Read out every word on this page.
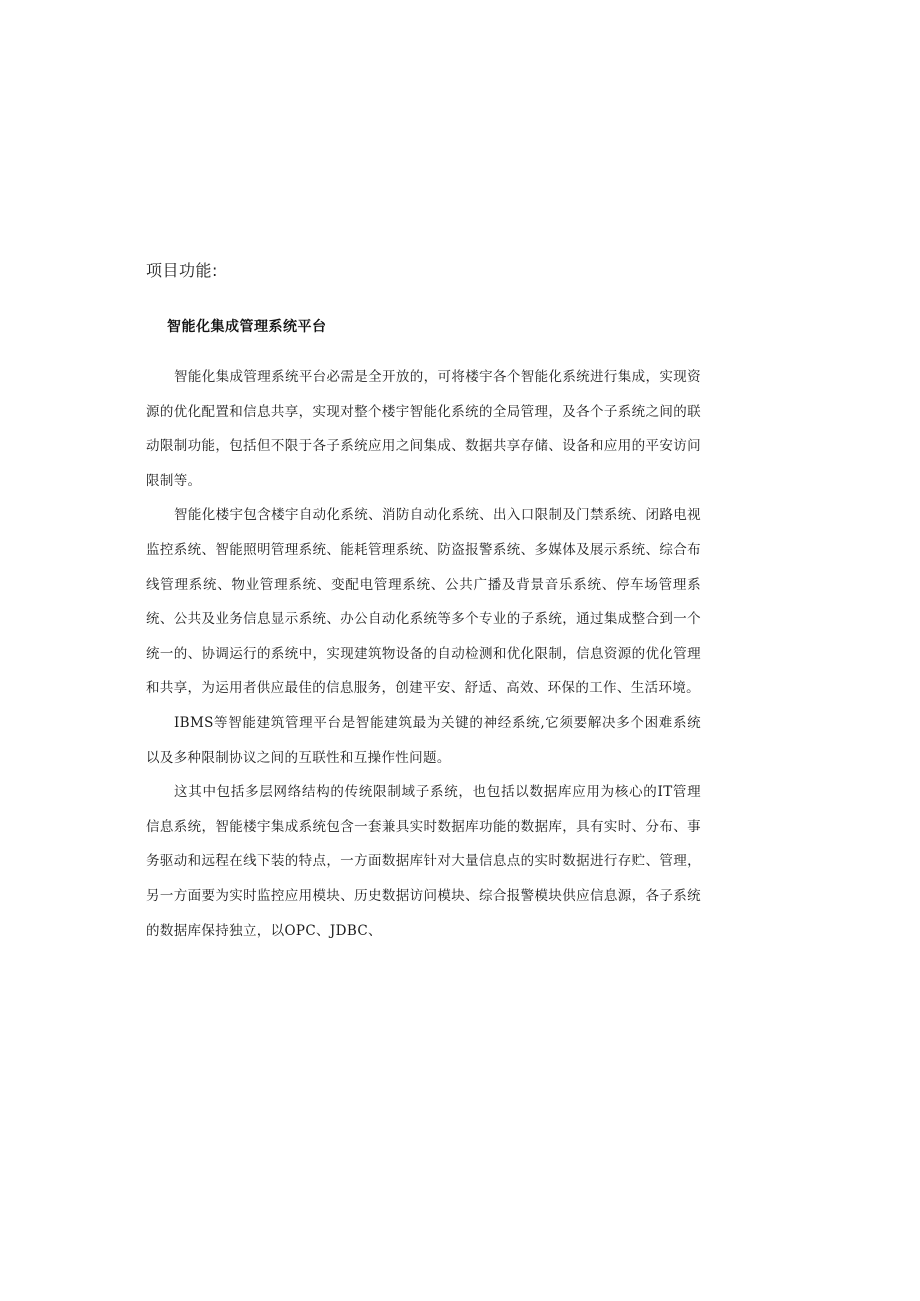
项目功能:
智能化集成管理系统平台

智能化集成管理系统平台必需是全开放的，可将楼宇各个智能化系统进行集成，实现资源的优化配置和信息共享，实现对整个楼宇智能化系统的全局管理，及各个子系统之间的联动限制功能，包括但不限于各子系统应用之间集成、数据共享存储、设备和应用的平安访问限制等。

智能化楼宇包含楼宇自动化系统、消防自动化系统、出入口限制及门禁系统、闭路电视监控系统、智能照明管理系统、能耗管理系统、防盗报警系统、多媒体及展示系统、综合布线管理系统、物业管理系统、变配电管理系统、公共广播及背景音乐系统、停车场管理系统、公共及业务信息显示系统、办公自动化系统等多个专业的子系统，通过集成整合到一个统一的、协调运行的系统中，实现建筑物设备的自动检测和优化限制，信息资源的优化管理和共享，为运用者供应最佳的信息服务，创建平安、舒适、高效、环保的工作、生活环境。

IBMS等智能建筑管理平台是智能建筑最为关键的神经系统,它须要解决多个困难系统以及多种限制协议之间的互联性和互操作性问题。

这其中包括多层网络结构的传统限制域子系统，也包括以数据库应用为核心的IT管理信息系统，智能楼宇集成系统包含一套兼具实时数据库功能的数据库，具有实时、分布、事务驱动和远程在线下装的特点，一方面数据库针对大量信息点的实时数据进行存贮、管理，另一方面要为实时监控应用模块、历史数据访问模块、综合报警模块供应信息源，各子系统的数据库保持独立，以OPC、JDBC、
